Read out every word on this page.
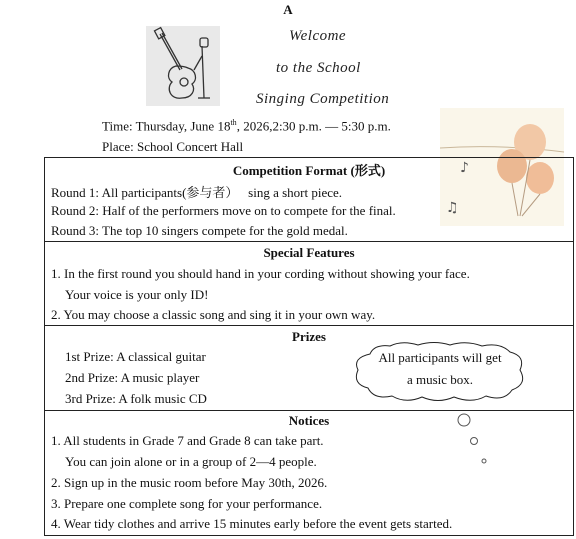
A
Welcome
to the School
Singing Competition
Time: Thursday, June 18th, 2026,2:30 p.m. — 5:30 p.m.
Place: School Concert Hall
♪
♫
Competition Format (形式)
Round 1: All participants(参与者） sing a short piece.
Round 2: Half of the performers move on to compete for the final.
Round 3: The top 10 singers compete for the gold medal.
Special Features
1. In the first round you should hand in your cording without showing your face.
Your voice is your only ID!
2. You may choose a classic song and sing it in your own way.
Prizes
1st Prize: A classical guitar
2nd Prize: A music player
3rd Prize: A folk music CD
All participants will get
a music box.
Notices
1. All students in Grade 7 and Grade 8 can take part.
You can join alone or in a group of 2—4 people.
2. Sign up in the music room before May 30th, 2026.
3. Prepare one complete song for your performance.
4. Wear tidy clothes and arrive 15 minutes early before the event gets started.
